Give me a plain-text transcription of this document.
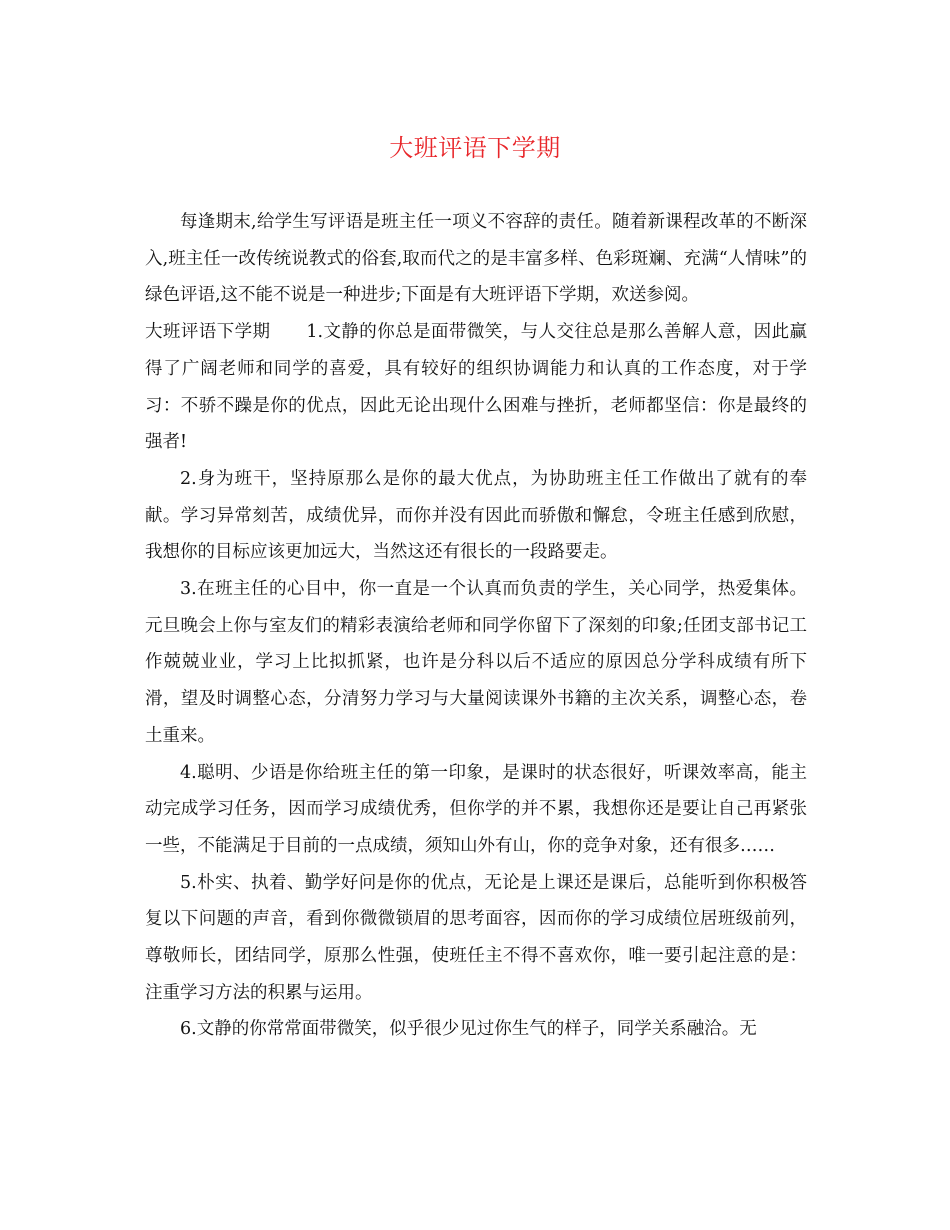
大班评语下学期

每逢期末,给学生写评语是班主任一项义不容辞的责任。随着新课程改革的不断深入,班主任一改传统说教式的俗套,取而代之的是丰富多样、色彩斑斓、充满“人情味”的绿色评语,这不能不说是一种进步;下面是有大班评语下学期，欢送参阅。

大班评语下学期　　1.文静的你总是面带微笑，与人交往总是那么善解人意，因此赢得了广阔老师和同学的喜爱，具有较好的组织协调能力和认真的工作态度，对于学习：不骄不躁是你的优点，因此无论出现什么困难与挫折，老师都坚信：你是最终的强者!

2.身为班干，坚持原那么是你的最大优点，为协助班主任工作做出了就有的奉献。学习异常刻苦，成绩优异，而你并没有因此而骄傲和懈怠，令班主任感到欣慰，我想你的目标应该更加远大，当然这还有很长的一段路要走。

3.在班主任的心目中，你一直是一个认真而负责的学生，关心同学，热爱集体。元旦晚会上你与室友们的精彩表演给老师和同学你留下了深刻的印象;任团支部书记工作兢兢业业，学习上比拟抓紧，也许是分科以后不适应的原因总分学科成绩有所下滑，望及时调整心态，分清努力学习与大量阅读课外书籍的主次关系，调整心态，卷土重来。

4.聪明、少语是你给班主任的第一印象，是课时的状态很好，听课效率高，能主动完成学习任务，因而学习成绩优秀，但你学的并不累，我想你还是要让自己再紧张一些，不能满足于目前的一点成绩，须知山外有山，你的竞争对象，还有很多……

5.朴实、执着、勤学好问是你的优点，无论是上课还是课后，总能听到你积极答复以下问题的声音，看到你微微锁眉的思考面容，因而你的学习成绩位居班级前列，尊敬师长，团结同学，原那么性强，使班任主不得不喜欢你，唯一要引起注意的是：注重学习方法的积累与运用。

6.文静的你常常面带微笑，似乎很少见过你生气的样子，同学关系融洽。无
